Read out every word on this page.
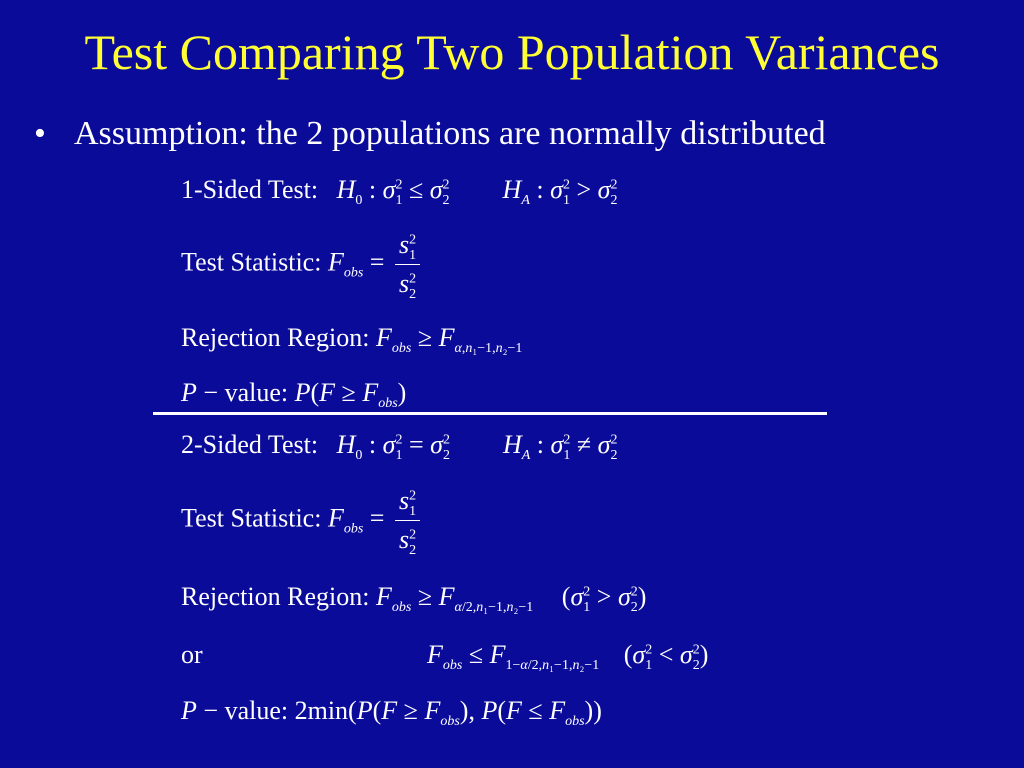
Test Comparing Two Population Variances
• Assumption: the 2 populations are normally distributed
1-Sided Test: $H_0$ : $\sigma^2_1 \le \sigma^2_2$ $H_A$ : $\sigma^2_1 > \sigma^2_2$
Test Statistic: $F_{obs} = \frac{s^2_1}{s^2_2}$
Rejection Region: $F_{obs} \ge F_{\alpha,n_1-1,n_2-1}$
P − value: $P(F \ge F_{obs})$
2-Sided Test: $H_0$ : $\sigma^2_1 = \sigma^2_2$ $H_A$ : $\sigma^2_1 \ne \sigma^2_2$
Test Statistic: $F_{obs} = \frac{s^2_1}{s^2_2}$
Rejection Region: $F_{obs} \ge F_{\alpha/2,n_1-1,n_2-1}$ $(\sigma^2_1 > \sigma^2_2)$
or	$F_{obs} \le F_{1-\alpha/2,n_1-1,n_2-1}$ $(\sigma^2_1 < \sigma^2_2)$
P − value: $2\min(P(F \ge F_{obs})$, $P(F \le F_{obs})$)
